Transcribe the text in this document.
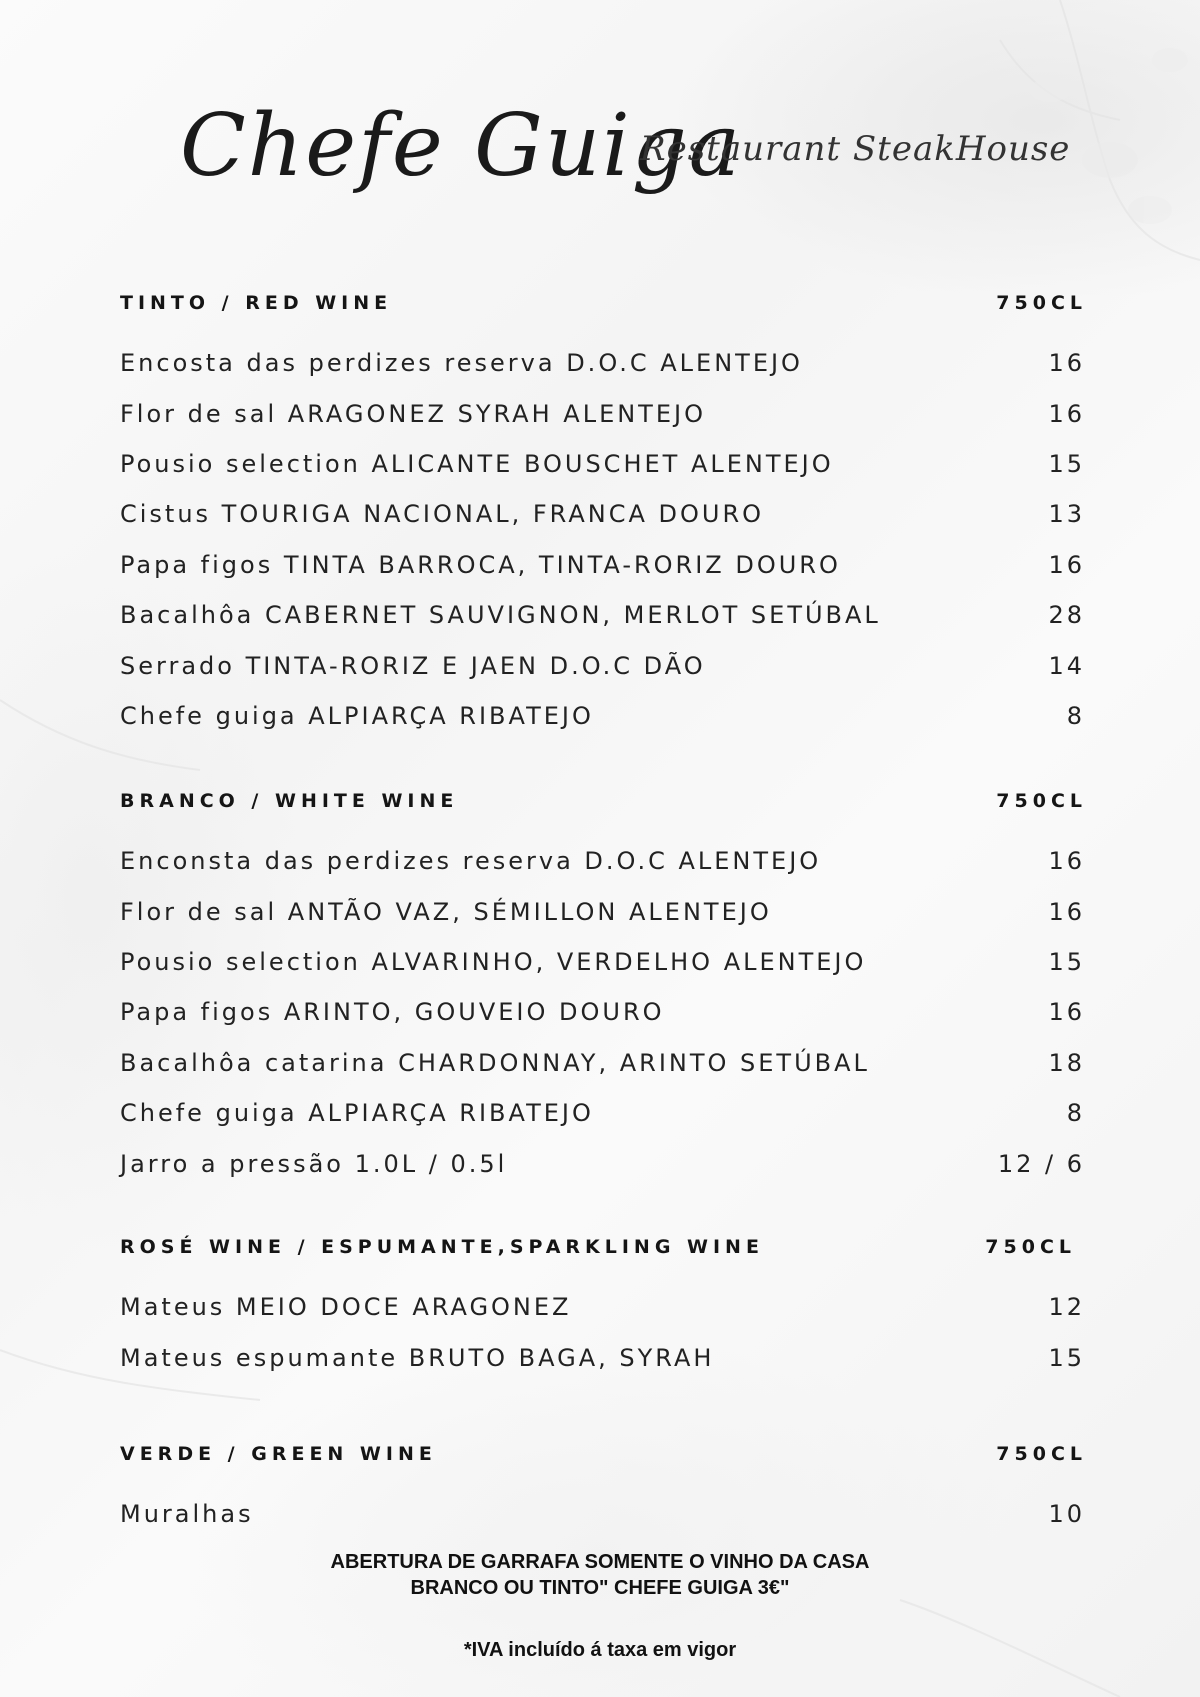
Chefe Guiga
Restaurant SteakHouse
TINTO / RED WINE	750CL
Encosta das perdizes reserva D.O.C ALENTEJO	16
Flor de sal ARAGONEZ SYRAH ALENTEJO	16
Pousio selection ALICANTE BOUSCHET ALENTEJO	15
Cistus TOURIGA NACIONAL, FRANCA DOURO	13
Papa figos TINTA BARROCA, TINTA-RORIZ DOURO	16
Bacalhôa CABERNET SAUVIGNON, MERLOT SETÚBAL	28
Serrado TINTA-RORIZ E JAEN D.O.C DÃO	14
Chefe guiga ALPIARÇA RIBATEJO	8
BRANCO / WHITE WINE	750CL
Enconsta das perdizes reserva D.O.C ALENTEJO	16
Flor de sal ANTÃO VAZ, SÉMILLON ALENTEJO	16
Pousio selection ALVARINHO, VERDELHO ALENTEJO	15
Papa figos ARINTO, GOUVEIO DOURO	16
Bacalhôa catarina CHARDONNAY, ARINTO SETÚBAL	18
Chefe guiga ALPIARÇA RIBATEJO	8
Jarro a pressão 1.0L / 0.5l	12 / 6
ROSÉ WINE / ESPUMANTE,SPARKLING WINE	750CL
Mateus MEIO DOCE ARAGONEZ	12
Mateus espumante BRUTO BAGA, SYRAH	15
VERDE / GREEN WINE	750CL
Muralhas	10
ABERTURA DE GARRAFA SOMENTE O VINHO DA CASA
BRANCO OU TINTO" CHEFE GUIGA 3€"
*IVA incluído á taxa em vigor
